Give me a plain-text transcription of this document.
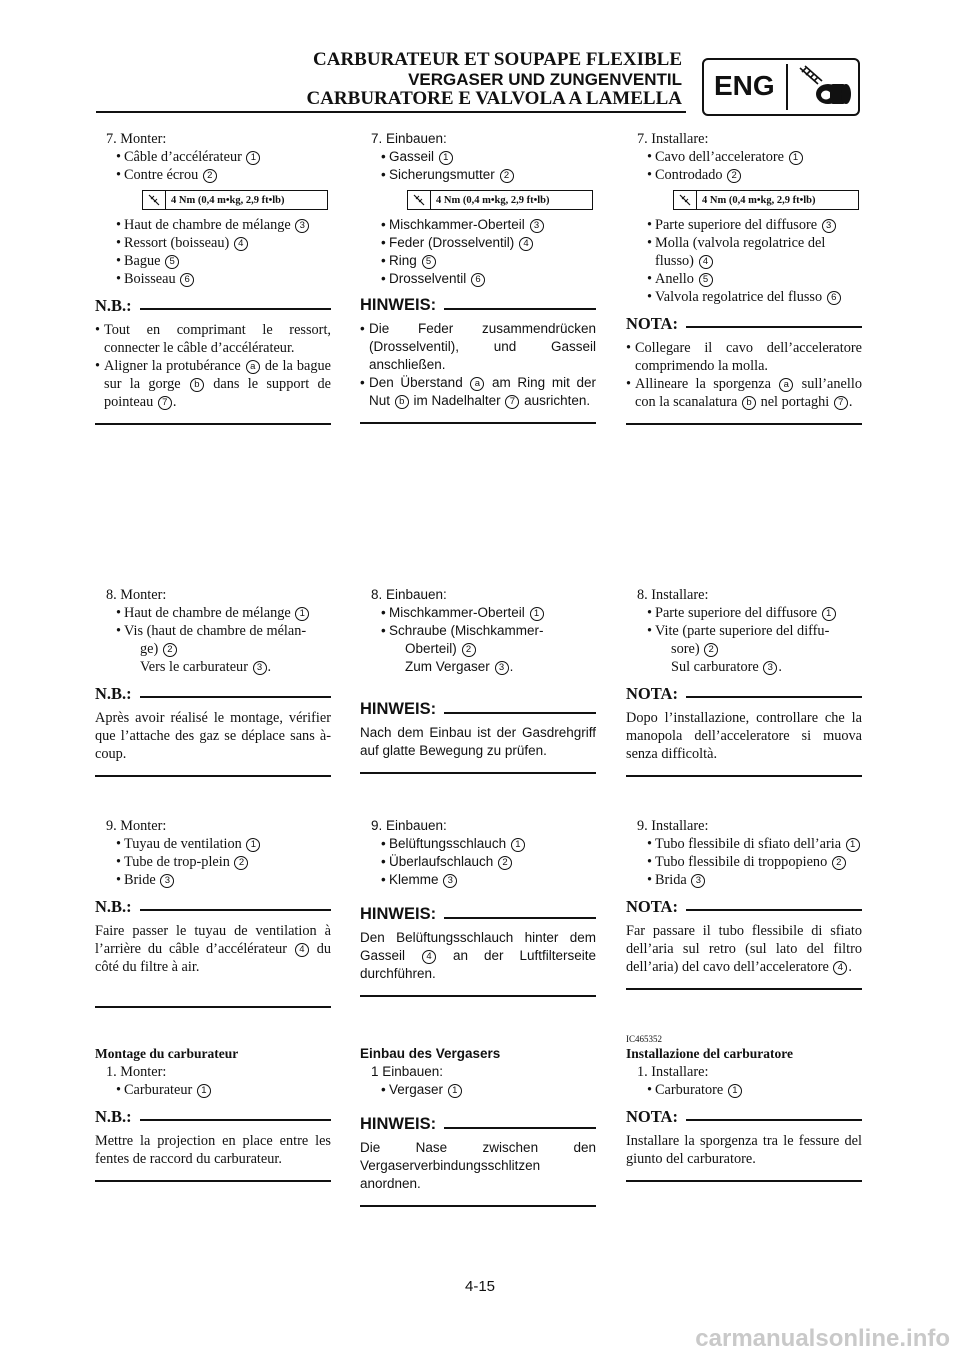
CARBURATEUR ET SOUPAPE FLEXIBLE
VERGASER UND ZUNGENVENTIL
CARBURATORE E VALVOLA A LAMELLA ENG
7. Monter:
• Câble d’accélérateur 1
• Contre écrou 2
4 Nm (0,4 m•kg, 2,9 ft•lb)
• Haut de chambre de mélange 3
• Ressort (boisseau) 4
• Bague 5
• Boisseau 6
N.B.:
• Tout en comprimant le ressort, connecter le câble d’accélérateur.
• Aligner la protubérance a de la bague sur la gorge b dans le support de pointeau 7 .
8. Monter:
• Haut de chambre de mélange 1
• Vis (haut de chambre de mélan-
ge) 2
Vers le carburateur 3 .
N.B.:
Après avoir réalisé le montage, vérifier que l’attache des gaz se déplace sans à-coup.
9. Monter:
• Tuyau de ventilation 1
• Tube de trop-plein 2
• Bride 3
N.B.:
Faire passer le tuyau de ventilation à l’arrière du câble d’accélérateur 4 du côté du filtre à air.
Montage du carburateur
1. Monter:
• Carburateur 1
N.B.:
Mettre la projection en place entre les fentes de raccord du carburateur.
7. Einbauen:
• Gasseil 1
• Sicherungsmutter 2
4 Nm (0,4 m•kg, 2,9 ft•lb)
• Mischkammer-Oberteil 3
• Feder (Drosselventil) 4
• Ring 5
• Drosselventil 6
HINWEIS:
• Die Feder zusammendrücken (Drosselventil), und Gasseil anschließen.
• Den Überstand a am Ring mit der Nut b im Nadelhalter 7 ausrichten.
8. Einbauen:
• Mischkammer-Oberteil 1
• Schraube (Mischkammer-
Oberteil) 2
Zum Vergaser 3 .
HINWEIS:
Nach dem Einbau ist der Gasdrehgriff auf glatte Bewegung zu prüfen.
9. Einbauen:
• Belüftungsschlauch 1
• Überlaufschlauch 2
• Klemme 3
HINWEIS:
Den Belüftungsschlauch hinter dem Gasseil 4 an der Luftfilterseite durchführen.
Einbau des Vergasers
1 Einbauen:
• Vergaser 1
HINWEIS:
Die Nase zwischen den Vergaserverbindungsschlitzen anordnen.
7. Installare:
• Cavo dell’acceleratore 1
• Controdado 2
4 Nm (0,4 m•kg, 2,9 ft•lb)
• Parte superiore del diffusore 3
• Molla (valvola regolatrice del flusso) 4
• Anello 5
• Valvola regolatrice del flusso 6
NOTA:
• Collegare il cavo dell’acceleratore comprimendo la molla.
• Allineare la sporgenza a sull’anello con la scanalatura b nel portaghi 7 .
8. Installare:
• Parte superiore del diffusore 1
• Vite (parte superiore del diffu-
sore) 2
Sul carburatore 3 .
NOTA:
Dopo l’installazione, controllare che la manopola dell’acceleratore si muova senza difficoltà.
9. Installare:
• Tubo flessibile di sfiato dell’aria 1
• Tubo flessibile di troppopieno 2
• Brida 3
NOTA:
Far passare il tubo flessibile di sfiato dell’aria sul retro (sul lato del filtro dell’aria) del cavo dell’acceleratore 4 .
IC465352
Installazione del carburatore
1. Installare:
• Carburatore 1
NOTA:
Installare la sporgenza tra le fessure del giunto del carburatore.
4-15
carmanualsonline.info
